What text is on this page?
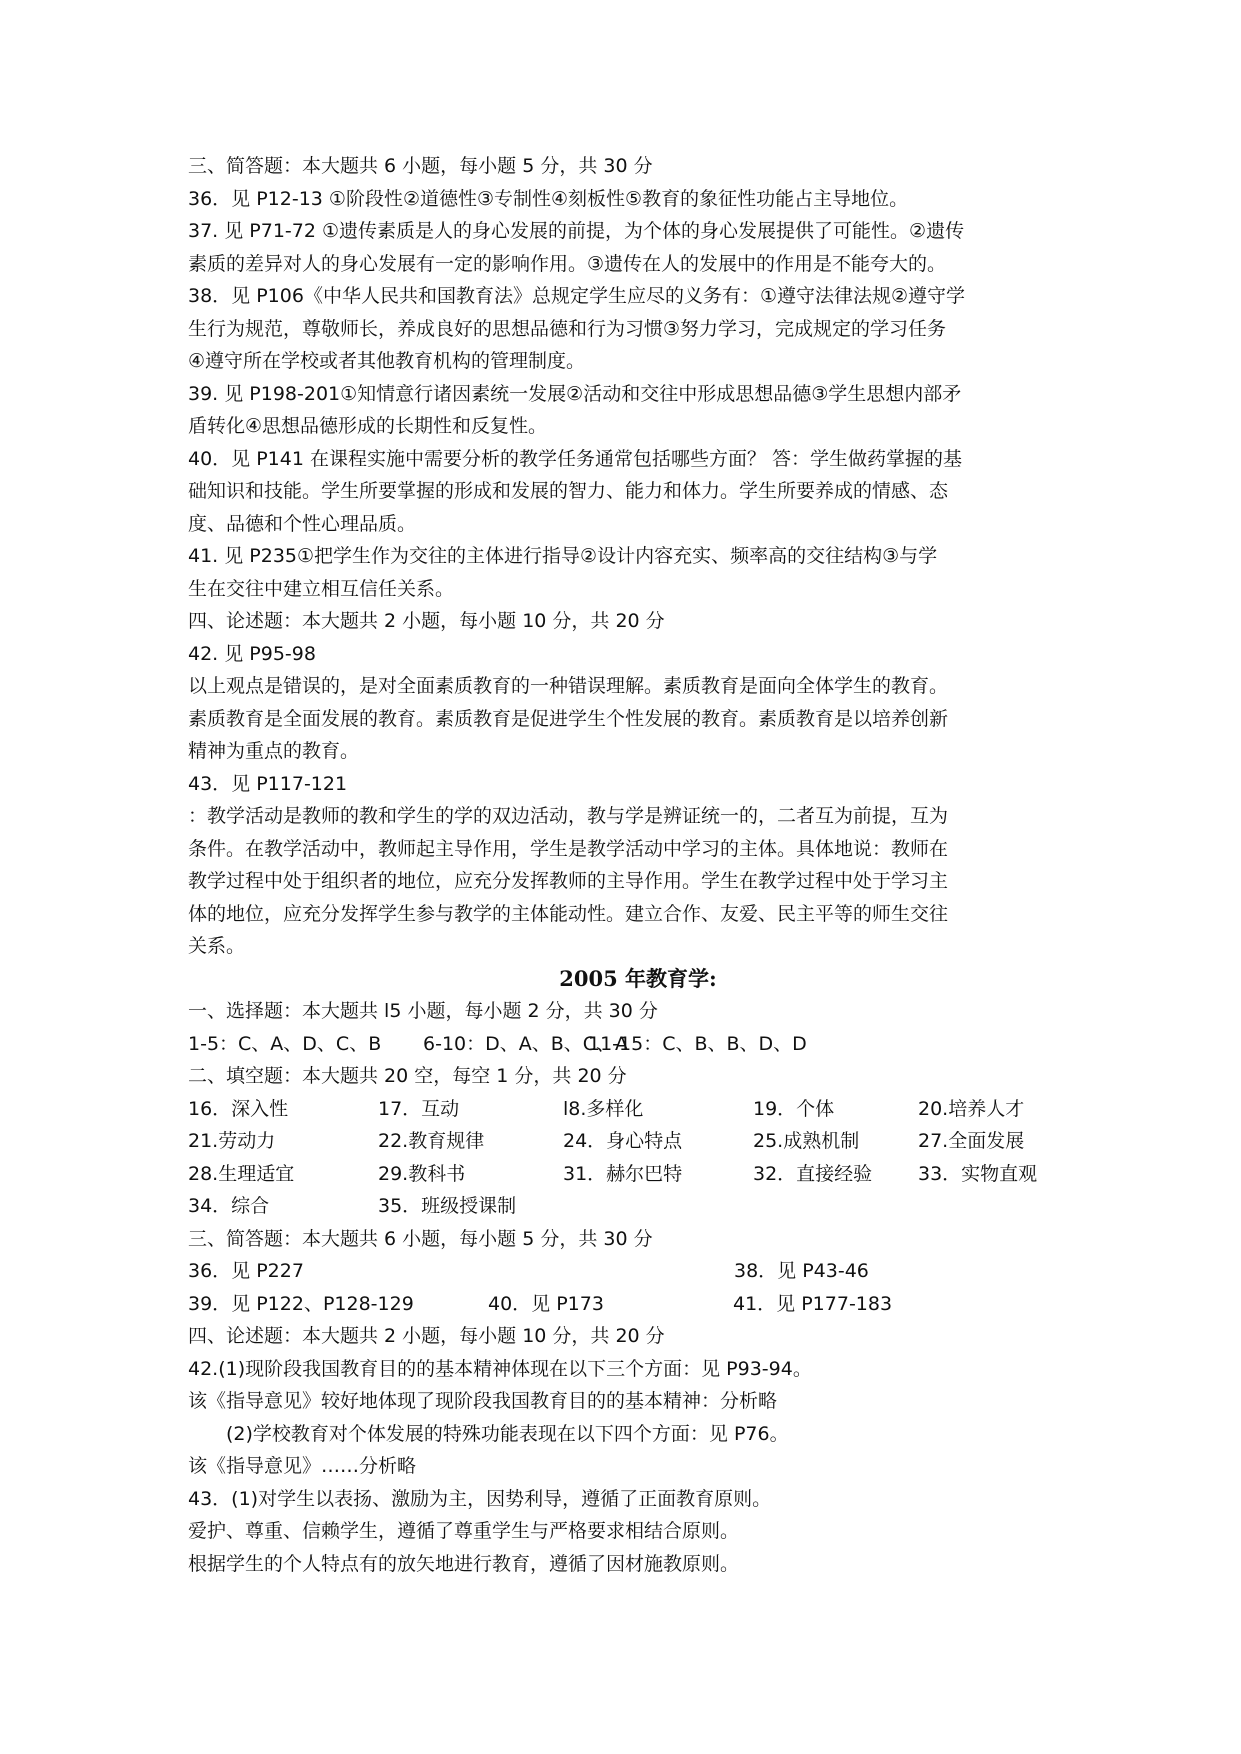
三、简答题：本大题共 6 小题，每小题 5 分，共 30 分
36．见 P12-13 ①阶段性②道德性③专制性④刻板性⑤教育的象征性功能占主导地位。
37. 见 P71-72 ①遗传素质是人的身心发展的前提，为个体的身心发展提供了可能性。②遗传
素质的差异对人的身心发展有一定的影响作用。③遗传在人的发展中的作用是不能夸大的。
38．见 P106《中华人民共和国教育法》总规定学生应尽的义务有：①遵守法律法规②遵守学
生行为规范，尊敬师长，养成良好的思想品德和行为习惯③努力学习，完成规定的学习任务
④遵守所在学校或者其他教育机构的管理制度。
39. 见 P198-201①知情意行诸因素统一发展②活动和交往中形成思想品德③学生思想内部矛
盾转化④思想品德形成的长期性和反复性。
40．见 P141 在课程实施中需要分析的教学任务通常包括哪些方面？ 答：学生做药掌握的基
础知识和技能。学生所要掌握的形成和发展的智力、能力和体力。学生所要养成的情感、态
度、品德和个性心理品质。
41. 见 P235①把学生作为交往的主体进行指导②设计内容充实、频率高的交往结构③与学
生在交往中建立相互信任关系。
四、论述题：本大题共 2 小题，每小题 10 分，共 20 分
42. 见 P95-98
以上观点是错误的，是对全面素质教育的一种错误理解。素质教育是面向全体学生的教育。
素质教育是全面发展的教育。素质教育是促进学生个性发展的教育。素质教育是以培养创新
精神为重点的教育。
43．见 P117-121
：教学活动是教师的教和学生的学的双边活动，教与学是辨证统一的，二者互为前提，互为
条件。在教学活动中，教师起主导作用，学生是教学活动中学习的主体。具体地说：教师在
教学过程中处于组织者的地位，应充分发挥教师的主导作用。学生在教学过程中处于学习主
体的地位，应充分发挥学生参与教学的主体能动性。建立合作、友爱、民主平等的师生交往
关系。
2005 年教育学:
一、选择题：本大题共 l5 小题，每小题 2 分，共 30 分
1-5：C、A、D、C、B	6-10：D、A、B、C、A
11-15：C、B、B、D、D
二、填空题：本大题共 20 空，每空 1 分，共 20 分
16．深入性	17．互动	l8.多样化	19．个体	20.培养人才
21.劳动力	22.教育规律	24．身心特点	25.成熟机制	27.全面发展
28.生理适宜	29.教科书	31．赫尔巴特	32．直接经验	33．实物直观
34．综合	35．班级授课制
三、简答题：本大题共 6 小题，每小题 5 分，共 30 分
36．见 P227	38．见 P43-46
39．见 P122、P128-129	40．见 P173	41．见 P177-183
四、论述题：本大题共 2 小题，每小题 10 分，共 20 分
42.(1)现阶段我国教育目的的基本精神体现在以下三个方面：见 P93-94。
该《指导意见》较好地体现了现阶段我国教育目的的基本精神：分析略
(2)学校教育对个体发展的特殊功能表现在以下四个方面：见 P76。
该《指导意见》……分析略
43．(1)对学生以表扬、激励为主，因势利导，遵循了正面教育原则。
爱护、尊重、信赖学生，遵循了尊重学生与严格要求相结合原则。
根据学生的个人特点有的放矢地进行教育，遵循了因材施教原则。
